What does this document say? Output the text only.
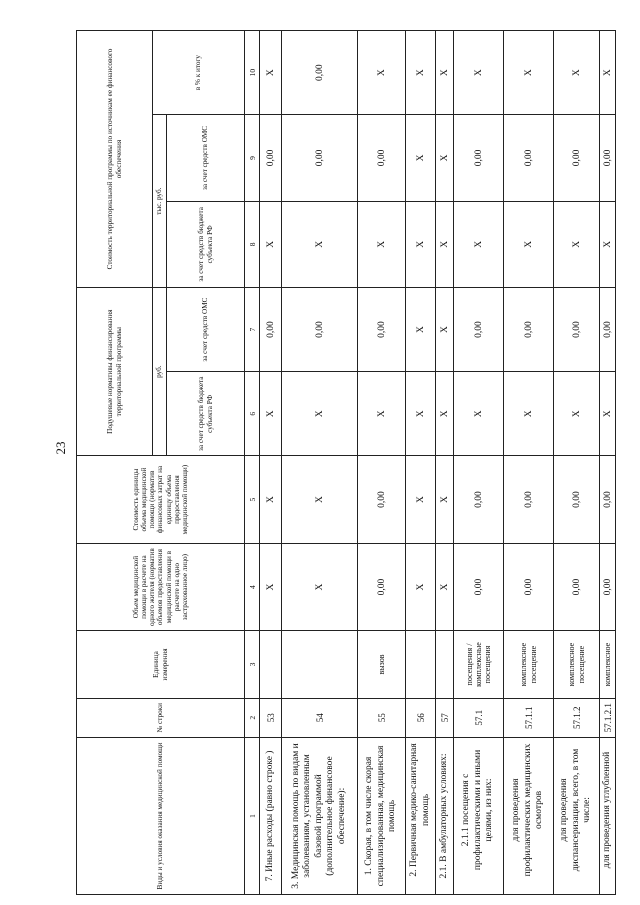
23
Виды и условия оказания медицинской помощи	№ строки	Единица измерения	Объем медицинской помощи в расчете на одного жителя (норматив объемов предоставления медицинской помощи в расчете на одно застрахованное лицо)	Стоимость единицы объема медицинской помощи (норматив финансовых затрат на единицу объема предоставления медицинской помощи)	Подушевые нормативы финансирования территориальной программы		Стоимость территориальной программы по источникам ее финансового обеспечения		
					руб.		тыс. руб.		в % к итогу
					за счет средств бюджета субъекта РФ	за счет средств ОМС	за счет средств бюджета субъекта РФ	за счет средств ОМС	
1	2	3	4	5	6	7	8	9	10
7. Иные расходы (равно строке )	53		X	X	X	0,00	X	0,00	X
3. Медицинская помощь по видам и заболеваниям, установленным базовой программой (дополнительное финансовое обеспечение):	54		X	X	X	0,00	X	0,00	0,00
1. Скорая, в том числе скорая специализированная, медицинская помощь	55	вызов	0,00	0,00	X	0,00	X	0,00	X
2. Первичная медико-санитарная помощь	56		X	X	X	X	X	X	X
2.1. В амбулаторных условиях:	57		X	X	X	X	X	X	X
2.1.1 посещения с профилактическими и иными целями, из них:	57.1	посещения / комплексные посещения	0,00	0,00	X	0,00	X	0,00	X
для проведения профилактических медицинских осмотров	57.1.1	комплексное посещение	0,00	0,00	X	0,00	X	0,00	X
для проведения диспансеризации, всего, в том числе:	57.1.2	комплексное посещение	0,00	0,00	X	0,00	X	0,00	X
для проведения углубленной	57.1.2.1	комплексное	0,00	0,00	X	0,00	X	0,00	X
